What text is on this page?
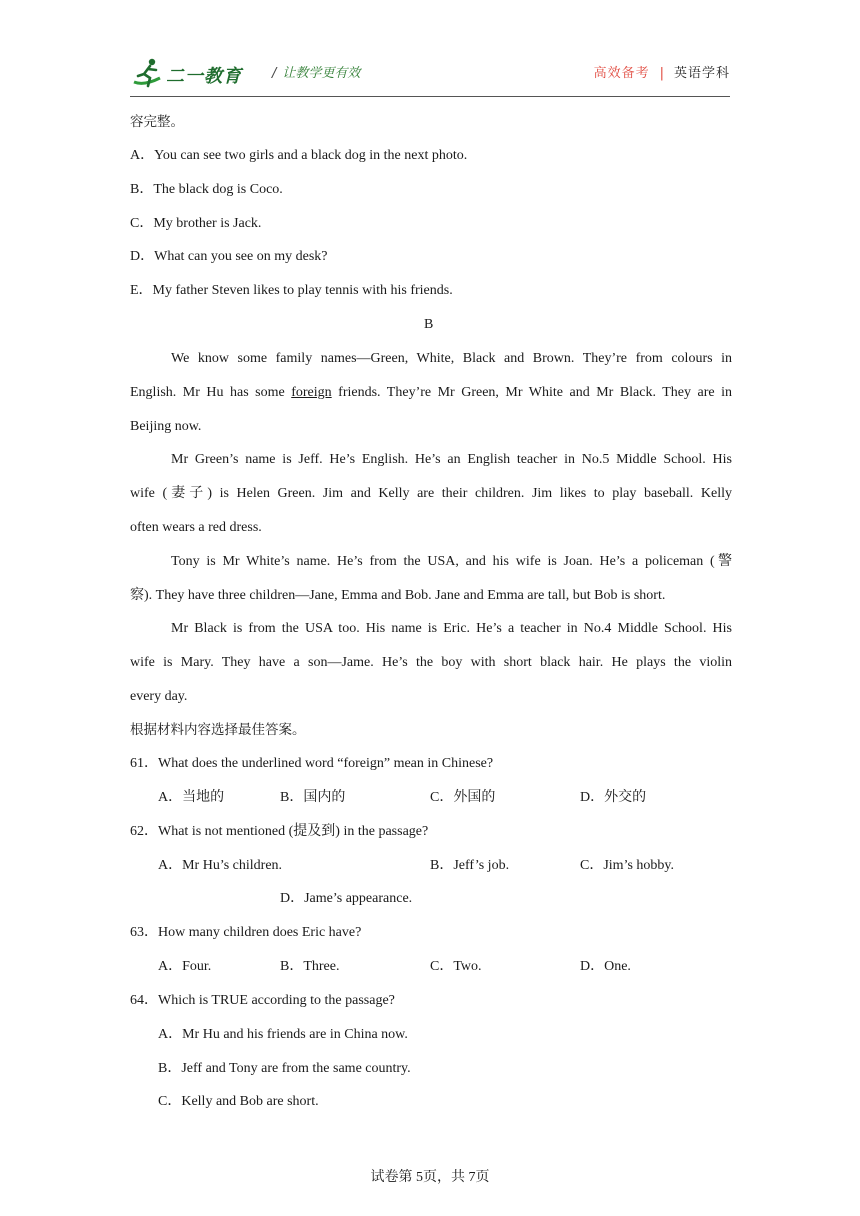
二一教育 / 让教学更有效	高效备考 | 英语学科
容完整。
A．You can see two girls and a black dog in the next photo.
B．The black dog is Coco.
C．My brother is Jack.
D．What can you see on my desk?
E．My father Steven likes to play tennis with his friends.
B
We know some family names—Green, White, Black and Brown. They’re from colours in
English. Mr Hu has some foreign friends. They’re Mr Green, Mr White and Mr Black. They are in
Beijing now.
Mr Green’s name is Jeff. He’s English. He’s an English teacher in No.5 Middle School. His
wife (妻子) is Helen Green. Jim and Kelly are their children. Jim likes to play baseball. Kelly
often wears a red dress.
Tony is Mr White’s name. He’s from the USA, and his wife is Joan. He’s a policeman (警
察). They have three children—Jane, Emma and Bob. Jane and Emma are tall, but Bob is short.
Mr Black is from the USA too. His name is Eric. He’s a teacher in No.4 Middle School. His
wife is Mary. They have a son—Jame. He’s the boy with short black hair. He plays the violin
every day.
根据材料内容选择最佳答案。
61．What does the underlined word “foreign” mean in Chinese?
A．当地的	B．国内的	C．外国的	D．外交的
62．What is not mentioned (提及到) in the passage?
A．Mr Hu’s children.	B．Jeff’s job.	C．Jim’s hobby.
D．Jame’s appearance.
63．How many children does Eric have?
A．Four.	B．Three.	C．Two.	D．One.
64．Which is TRUE according to the passage?
A．Mr Hu and his friends are in China now.
B．Jeff and Tony are from the same country.
C．Kelly and Bob are short.
试卷第 5页，共 7页
